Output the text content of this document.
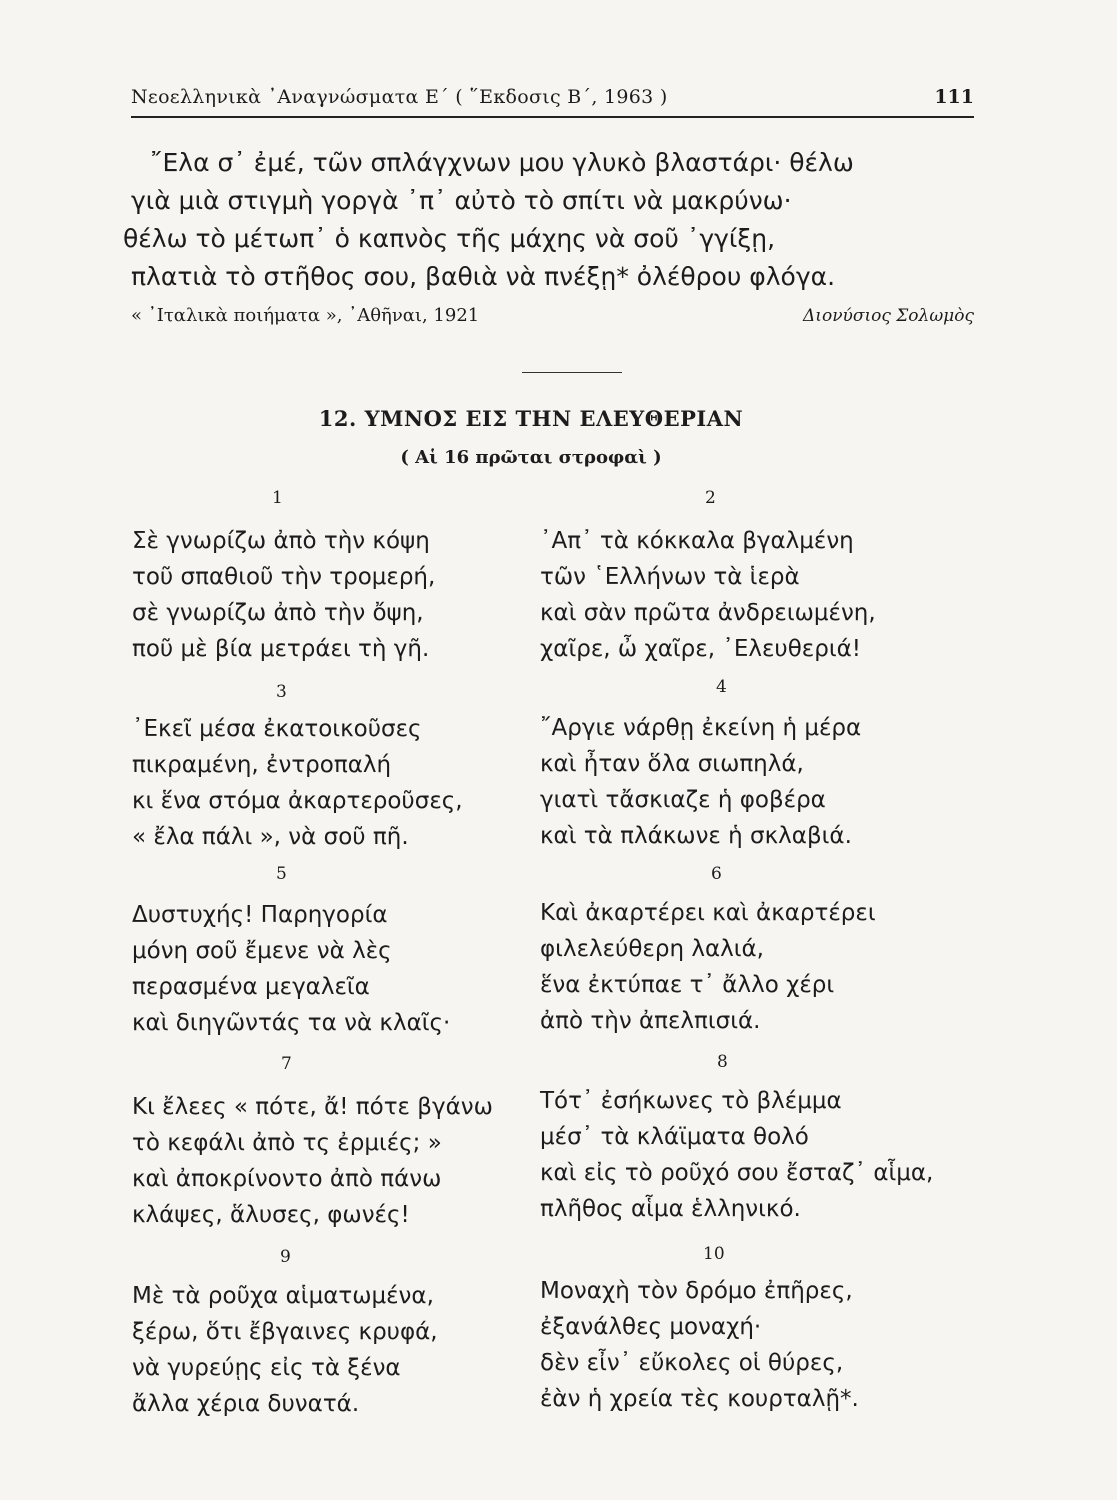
Νεοελληνικὰ ᾿Αναγνώσματα Ε΄ ( ῞Εκδοσις Β΄, 1963 )	111
῎Ελα σ᾿ ἐμέ, τῶν σπλάγχνων μου γλυκὸ βλαστάρι· θέλω
γιὰ μιὰ στιγμὴ γοργὰ ᾿π᾿ αὐτὸ τὸ σπίτι νὰ μακρύνω·
θέλω τὸ μέτωπ᾿ ὁ καπνὸς τῆς μάχης νὰ σοῦ ᾿γγίξῃ,
πλατιὰ τὸ στῆθος σου, βαθιὰ νὰ πνέξῃ* ὀλέθρου φλόγα.
« ᾿Ιταλικὰ ποιήματα », ᾿Αθῆναι, 1921	Διονύσιος Σολωμὸς
12. ΥΜΝΟΣ ΕΙΣ ΤΗΝ ΕΛΕΥΘΕΡΙΑΝ
( Αἱ 16 πρῶται στροφαὶ )
1
Σὲ γνωρίζω ἀπὸ τὴν κόψη
τοῦ σπαθιοῦ τὴν τρομερή,
σὲ γνωρίζω ἀπὸ τὴν ὄψη,
ποῦ μὲ βία μετράει τὴ γῆ.
3
᾿Εκεῖ μέσα ἐκατοικοῦσες
πικραμένη, ἐντροπαλή
κι ἕνα στόμα ἀκαρτεροῦσες,
« ἔλα πάλι », νὰ σοῦ πῆ.
5
Δυστυχής! Παρηγορία
μόνη σοῦ ἔμενε νὰ λὲς
περασμένα μεγαλεῖα
καὶ διηγῶντάς τα νὰ κλαῖς·
7
Κι ἔλεες « πότε, ἄ! πότε βγάνω
τὸ κεφάλι ἀπὸ τς ἐρμιές; »
καὶ ἀποκρίνοντο ἀπὸ πάνω
κλάψες, ἅλυσες, φωνές!
9
Μὲ τὰ ροῦχα αἱματωμένα,
ξέρω, ὅτι ἔβγαινες κρυφά,
νὰ γυρεύῃς εἰς τὰ ξένα
ἄλλα χέρια δυνατά.
2
᾿Απ᾿ τὰ κόκκαλα βγαλμένη
τῶν ῾Ελλήνων τὰ ἱερὰ
καὶ σὰν πρῶτα ἀνδρειωμένη,
χαῖρε, ὦ χαῖρε, ᾿Ελευθεριά!
4
῎Αργιε νάρθῃ ἐκείνη ἡ μέρα
καὶ ἦταν ὅλα σιωπηλά,
γιατὶ τἄσκιαζε ἡ φοβέρα
καὶ τὰ πλάκωνε ἡ σκλαβιά.
6
Καὶ ἀκαρτέρει καὶ ἀκαρτέρει
φιλελεύθερη λαλιά,
ἕνα ἐκτύπαε τ᾿ ἄλλο χέρι
ἀπὸ τὴν ἀπελπισιά.
8
Τότ᾿ ἐσήκωνες τὸ βλέμμα
μέσ᾿ τὰ κλάϊματα θολό
καὶ εἰς τὸ ροῦχό σου ἔσταζ᾿ αἷμα,
πλῆθος αἷμα ἑλληνικό.
10
Μοναχὴ τὸν δρόμο ἐπῆρες,
ἐξανάλθες μοναχή·
δὲν εἶν᾿ εὔκολες οἱ θύρες,
ἐὰν ἡ χρεία τὲς κουρταλῇ*.
